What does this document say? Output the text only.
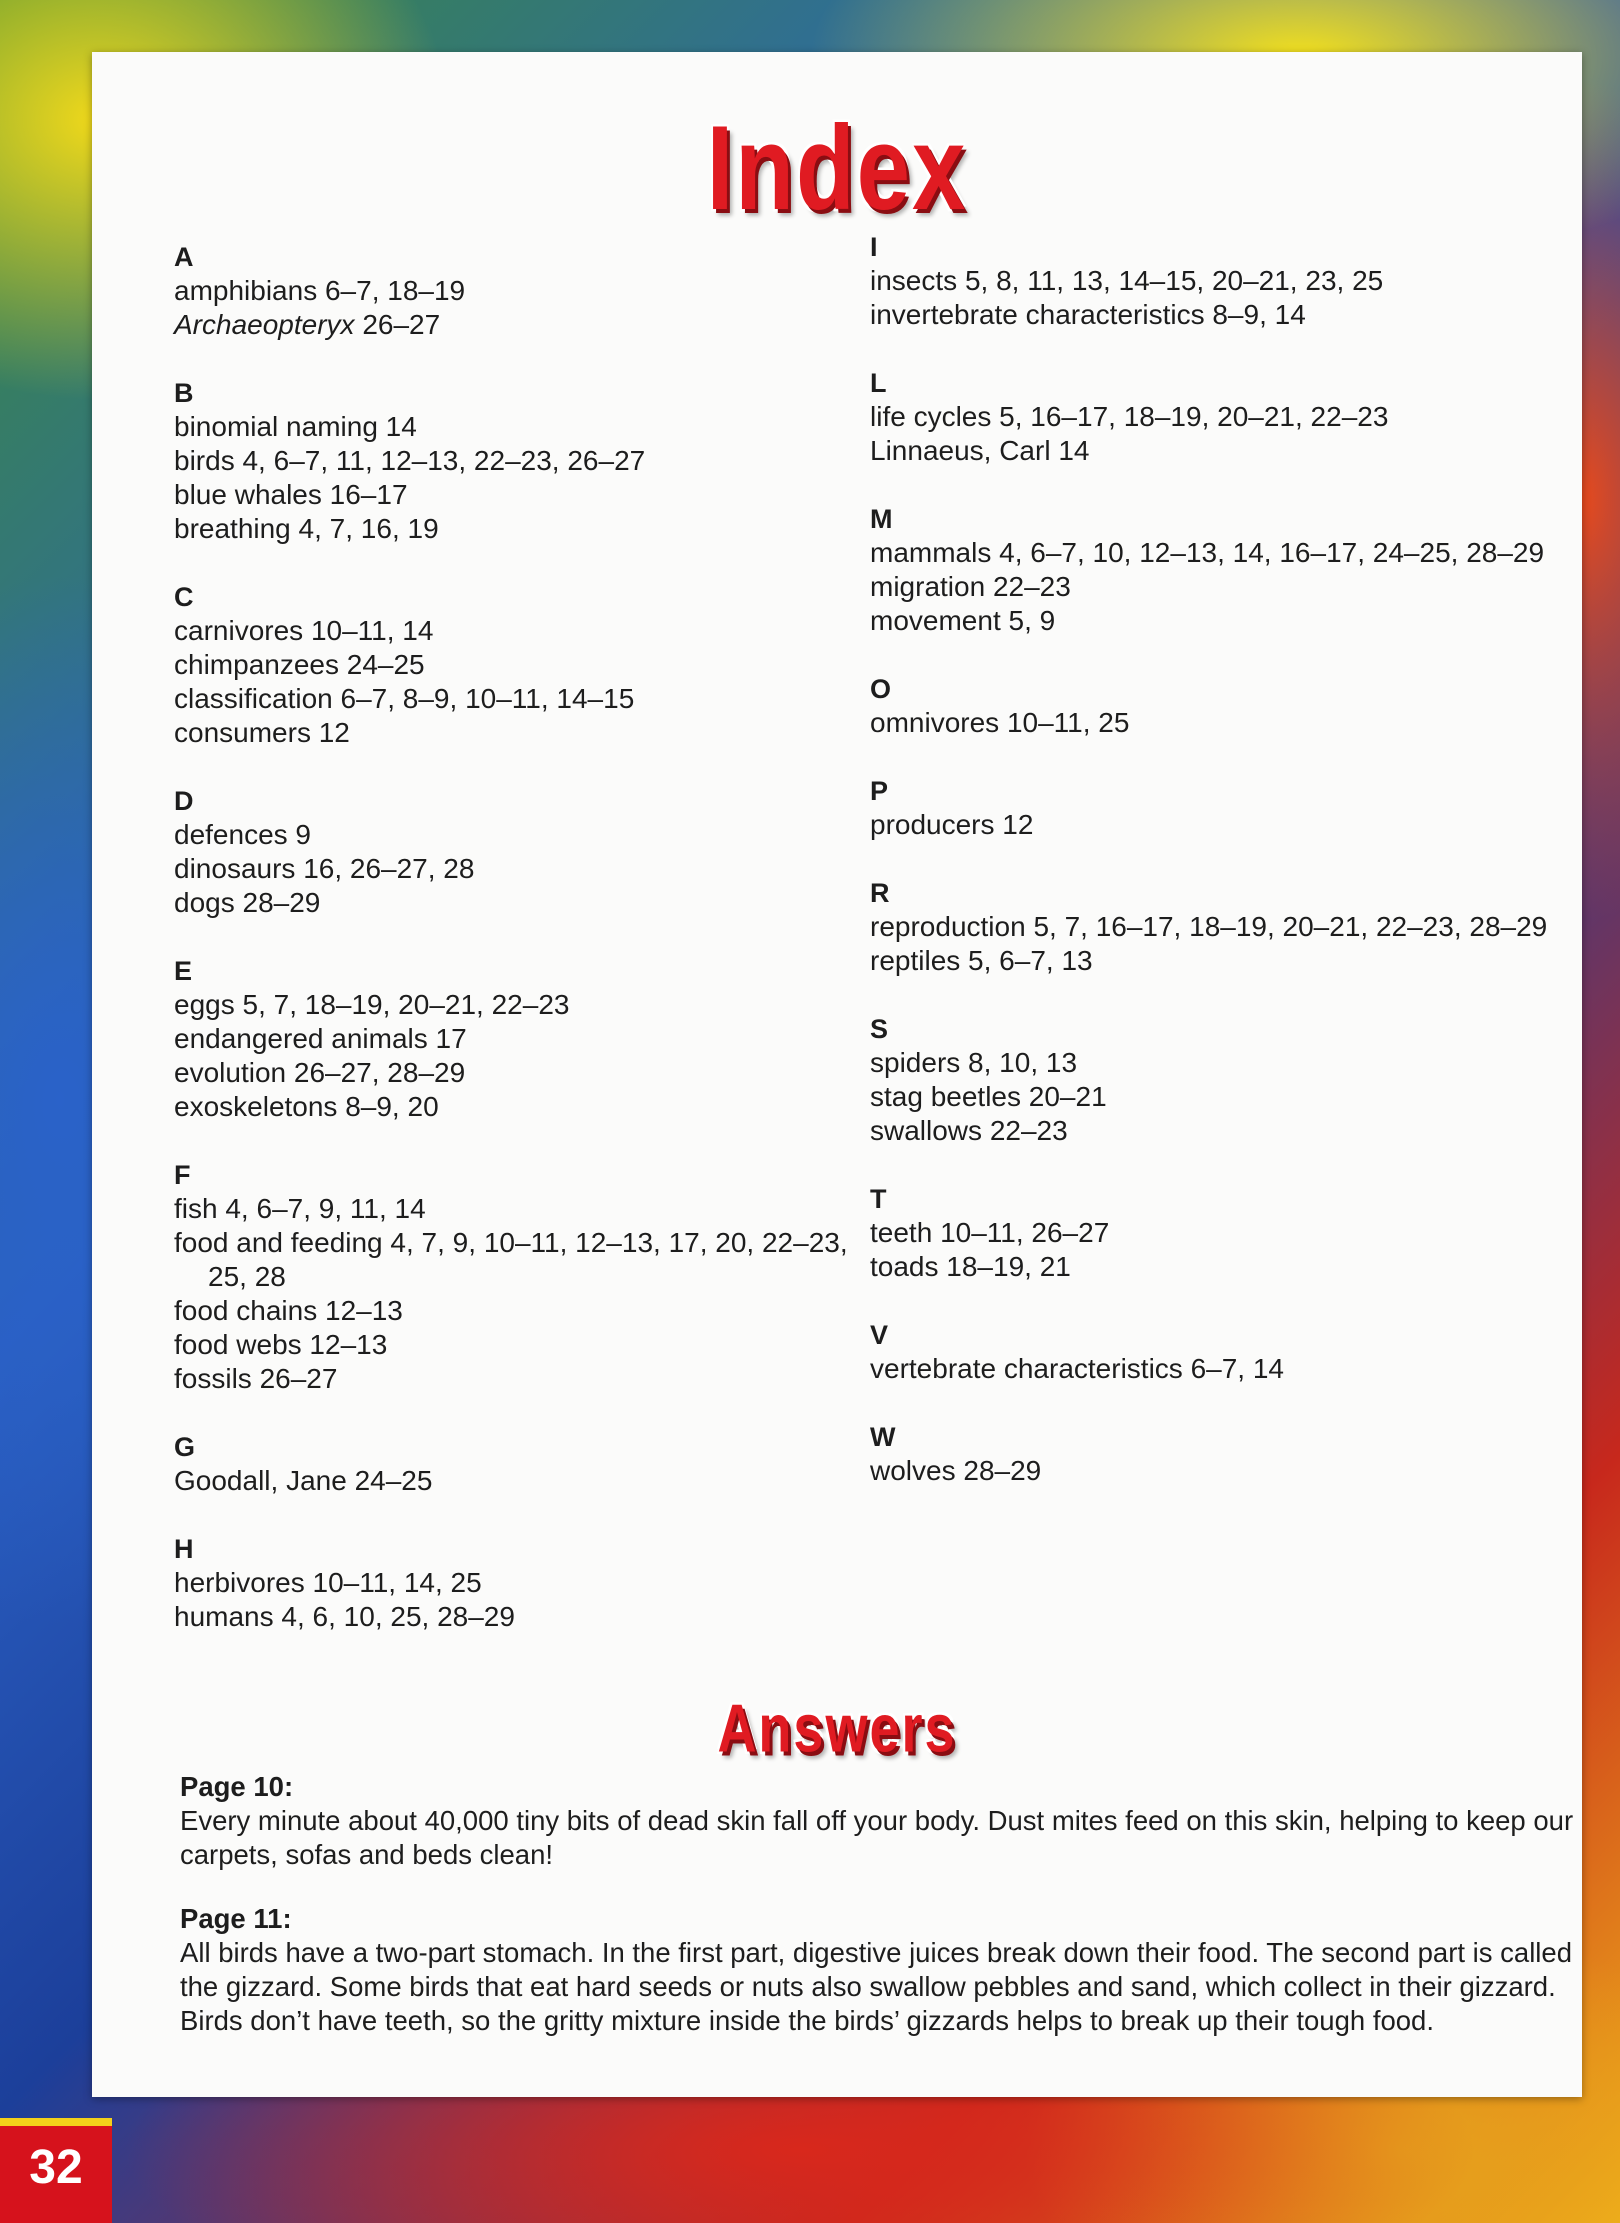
Index
A
amphibians 6–7, 18–19
Archaeopteryx 26–27
B
binomial naming 14
birds 4, 6–7, 11, 12–13, 22–23, 26–27
blue whales 16–17
breathing 4, 7, 16, 19
C
carnivores 10–11, 14
chimpanzees 24–25
classification 6–7, 8–9, 10–11, 14–15
consumers 12
D
defences 9
dinosaurs 16, 26–27, 28
dogs 28–29
E
eggs 5, 7, 18–19, 20–21, 22–23
endangered animals 17
evolution 26–27, 28–29
exoskeletons 8–9, 20
F
fish 4, 6–7, 9, 11, 14
food and feeding 4, 7, 9, 10–11, 12–13, 17, 20, 22–23, 25, 28
food chains 12–13
food webs 12–13
fossils 26–27
G
Goodall, Jane 24–25
H
herbivores 10–11, 14, 25
humans 4, 6, 10, 25, 28–29
I
insects 5, 8, 11, 13, 14–15, 20–21, 23, 25
invertebrate characteristics 8–9, 14
L
life cycles 5, 16–17, 18–19, 20–21, 22–23
Linnaeus, Carl 14
M
mammals 4, 6–7, 10, 12–13, 14, 16–17, 24–25, 28–29
migration 22–23
movement 5, 9
O
omnivores 10–11, 25
P
producers 12
R
reproduction 5, 7, 16–17, 18–19, 20–21, 22–23, 28–29
reptiles 5, 6–7, 13
S
spiders 8, 10, 13
stag beetles 20–21
swallows 22–23
T
teeth 10–11, 26–27
toads 18–19, 21
V
vertebrate characteristics 6–7, 14
W
wolves 28–29
Answers
Page 10:
Every minute about 40,000 tiny bits of dead skin fall off your body. Dust mites feed on this skin, helping to keep our carpets, sofas and beds clean!
Page 11:
All birds have a two-part stomach. In the first part, digestive juices break down their food. The second part is called the gizzard. Some birds that eat hard seeds or nuts also swallow pebbles and sand, which collect in their gizzard. Birds don’t have teeth, so the gritty mixture inside the birds’ gizzards helps to break up their tough food.
32
